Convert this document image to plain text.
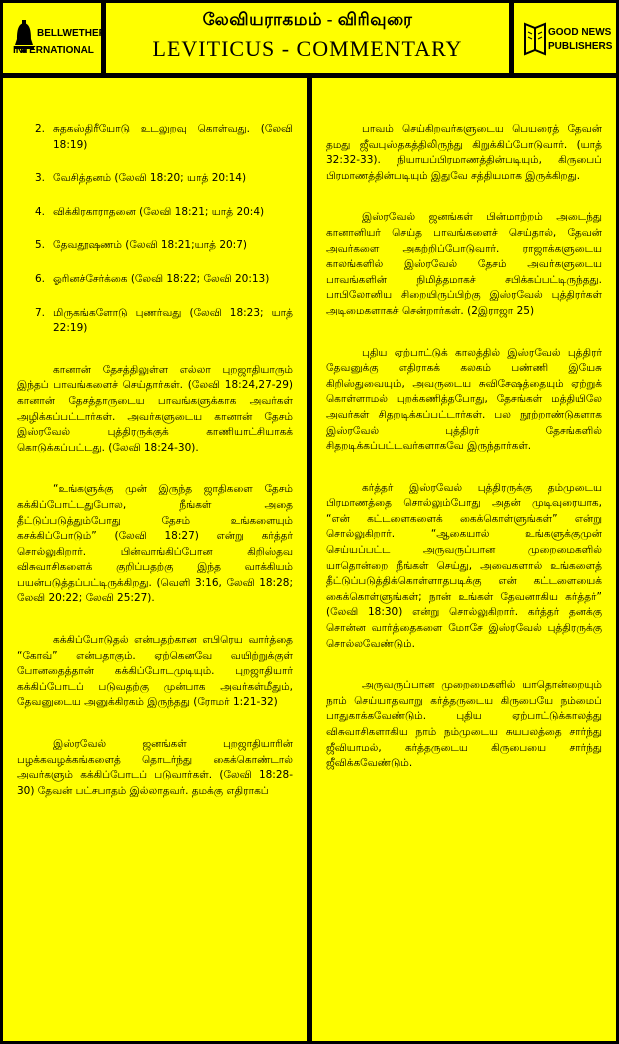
BELLWETHER
INTERNATIONAL
லேவியராகமம் - விரிவுரை
LEVITICUS - COMMENTARY
GOOD NEWS
PUBLISHERS
2. சுதகஸ்திரீயோடு உடலுறவு கொள்வது. (லேவி 18:19)
3. வேசித்தனம் (லேவி 18:20; யாத் 20:14)
4. விக்கிரகாராதனை (லேவி 18:21; யாத் 20:4)
5. தேவதூஷணம் (லேவி 18:21;யாத் 20:7)
6. ஓரினச்சேர்க்கை (லேவி 18:22; லேவி 20:13)
7. மிருகங்களோடு புணர்வது (லேவி 18:23; யாத் 22:19)

கானான் தேசத்திலுள்ள எல்லா புறஜாதியாரும் இந்தப் பாவங்களைச் செய்தார்கள். (லேவி 18:24,27-29) கானான் தேசத்தாருடைய பாவங்களுக்காக அவர்கள் அழிக்கப்பட்டார்கள். அவர்களுடைய கானான் தேசம் இஸ்ரவேல் புத்திரருக்குக் காணியாட்சியாகக் கொடுக்கப்பட்டது. (லேவி 18:24-30).

“உங்களுக்கு முன் இருந்த ஜாதிகளை தேசம் கக்கிப்போட்டதுபோல, நீங்கள் அதை தீட்டுப்படுத்தும்போது தேசம் உங்களையும் கசக்கிப்போடும்” (லேவி 18:27) என்று கர்த்தர் சொல்லுகிறார். பின்வாங்கிப்போன கிறிஸ்தவ விசுவாசிகளைக் குறிப்பதற்கு இந்த வாக்கியம் பயன்படுத்தப்பட்டிருக்கிறது. (வெளி 3:16, லேவி 18:28; லேவி 20:22; லேவி 25:27).

கக்கிப்போடுதல் என்பதற்கான எபிரெய வார்த்தை “கோவ்” என்பதாகும். ஏற்கெனவே வயிற்றுக்குள் போனதைத்தான் கக்கிப்போடமுடியும். புறஜாதியார் கக்கிப்போடப் படுவதற்கு முன்பாக அவர்கள்மீதும், தேவனுடைய அனுக்கிரகம் இருந்தது (ரோமர் 1:21-32)

இஸ்ரவேல் ஜனங்கள் புறஜாதியாரின் பழக்கவழக்கங்களைத் தொடர்ந்து கைக்கொண்டால் அவர்களும் கக்கிப்போடப் படுவார்கள். (லேவி 18:28-30) தேவன் பட்சபாதம் இல்லாதவர். தமக்கு எதிராகப்

பாவம் செய்கிறவர்களுடைய பெயரைத் தேவன் தமது ஜீவபுஸ்தகத்திலிருந்து கிறுக்கிப்போடுவார். (யாத் 32:32-33). நியாயப்பிரமாணத்தின்படியும், கிருபைப் பிரமாணத்தின்படியும் இதுவே சத்தியமாக இருக்கிறது.

இஸ்ரவேல் ஜனங்கள் பின்மாற்றம் அடைந்து கானானியர் செய்த பாவங்களைச் செய்தால், தேவன் அவர்களை அகற்றிப்போடுவார். ராஜாக்களுடைய காலங்களில் இஸ்ரவேல் தேசம் அவர்களுடைய பாவங்களின் நிமித்தமாகச் சபிக்கப்பட்டிருந்தது. பாபிலோனிய சிறையிருப்பிற்கு இஸ்ரவேல் புத்திரர்கள் அடிமைகளாகச் சென்றார்கள். (2இராஜா 25)

புதிய ஏற்பாட்டுக் காலத்தில் இஸ்ரவேல் புத்திரர் தேவனுக்கு எதிராகக் கலகம் பண்ணி இயேசு கிறிஸ்துவையும், அவருடைய சுவிசேஷத்தையும் ஏற்றுக் கொள்ளாமல் புறக்கணித்தபோது, தேசங்கள் மத்தியிலே அவர்கள் சிதறடிக்கப்பட்டார்கள். பல நூற்றாண்டுகளாக இஸ்ரவேல் புத்திரர் தேசங்களில் சிதறடிக்கப்பட்டவர்களாகவே இருந்தார்கள்.

கர்த்தர் இஸ்ரவேல் புத்திரருக்கு தம்முடைய பிரமாணத்தை சொல்லும்போது அதன் முடிவுரையாக, “என் கட்டளைகளைக் கைக்கொள்ளுங்கள்” என்று சொல்லுகிறார். “ஆகையால் உங்களுக்குமுன் செய்யப்பட்ட அருவருப்பான முறைமைகளில் யாதொன்றை நீங்கள் செய்து, அவைகளால் உங்களைத் தீட்டுப்படுத்திக்கொள்ளாதபடிக்கு என் கட்டளையைக் கைக்கொள்ளுங்கள்; நான் உங்கள் தேவனாகிய கர்த்தர்” (லேவி 18:30) என்று சொல்லுகிறார். கர்த்தர் தனக்கு சொன்ன வார்த்தைகளை மோசே இஸ்ரவேல் புத்திரருக்கு சொல்லவேண்டும்.

அருவருப்பான முறைமைகளில் யாதொன்றையும் நாம் செய்யாதவாறு கர்த்தருடைய கிருபையே நம்மைப் பாதுகாக்கவேண்டும். புதிய ஏற்பாட்டுக்காலத்து விசுவாசிகளாகிய நாம் நம்முடைய சுயபலத்தை சார்ந்து ஜீவியாமல், கர்த்தருடைய கிருபையை சார்ந்து ஜீவிக்கவேண்டும்.
